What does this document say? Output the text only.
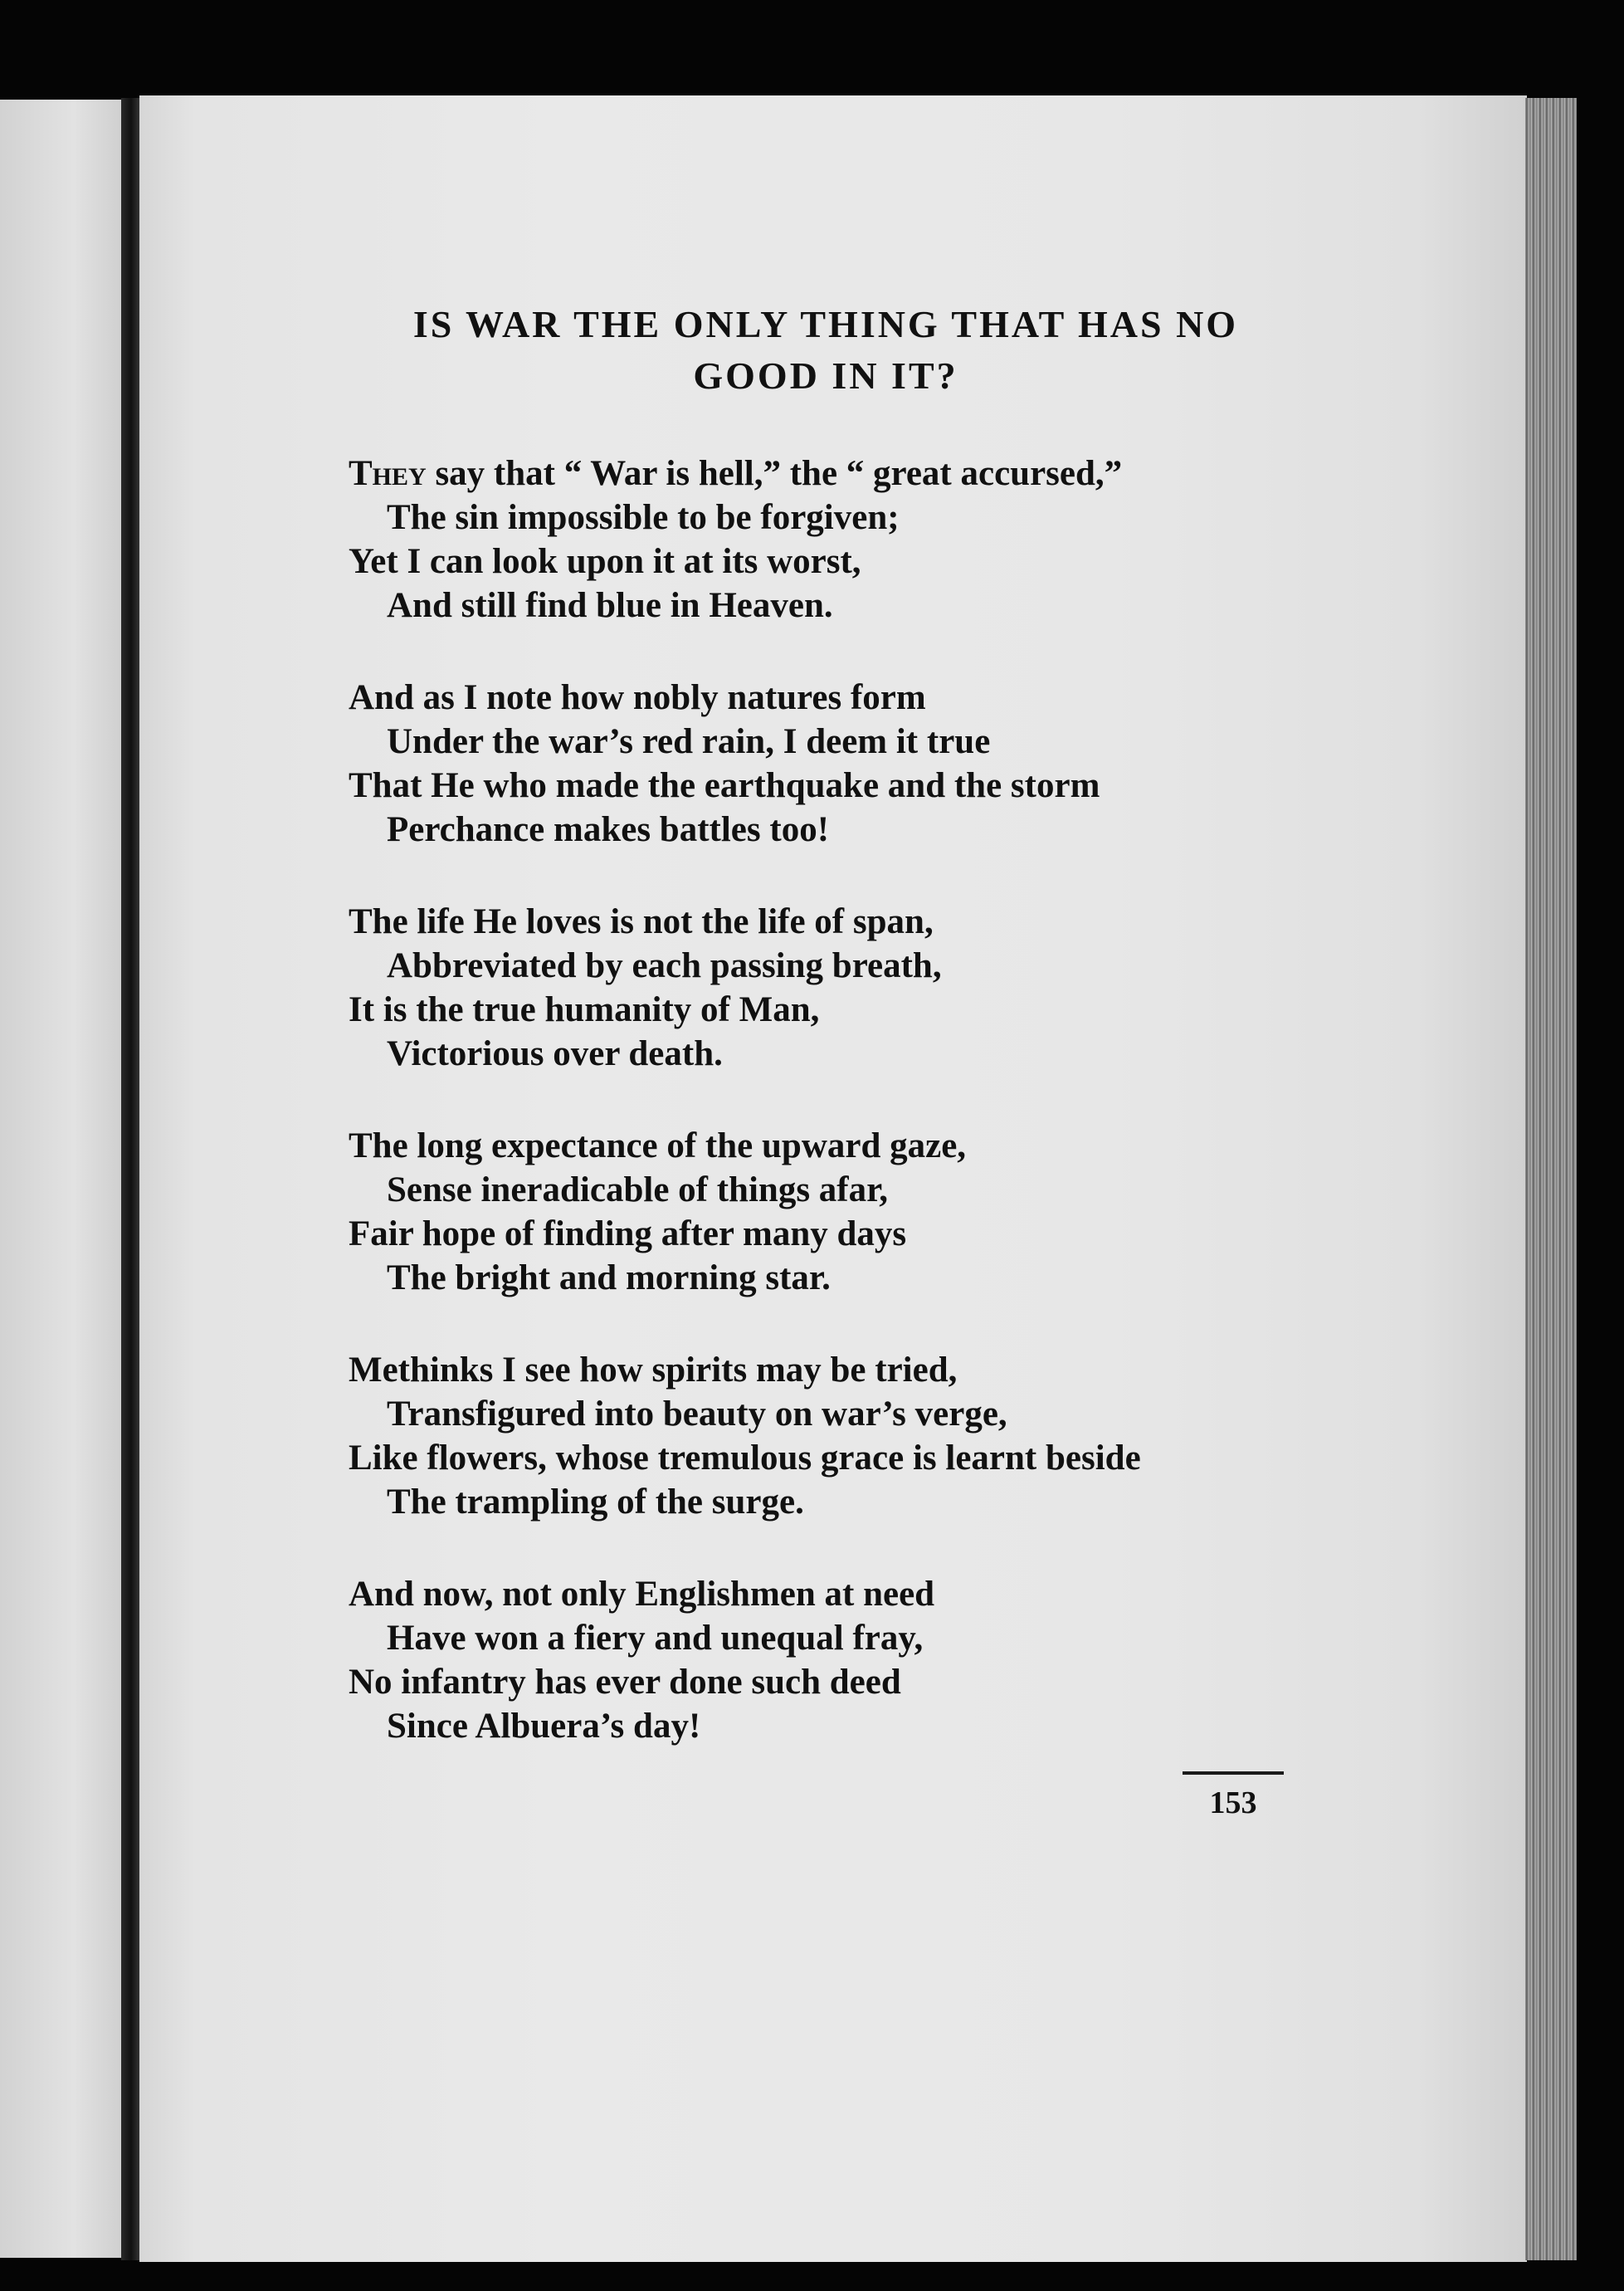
IS WAR THE ONLY THING THAT HAS NO
GOOD IN IT?
They say that “ War is hell,” the “ great accursed,”
The sin impossible to be forgiven;
Yet I can look upon it at its worst,
And still find blue in Heaven.
And as I note how nobly natures form
Under the war’s red rain, I deem it true
That He who made the earthquake and the storm
Perchance makes battles too!
The life He loves is not the life of span,
Abbreviated by each passing breath,
It is the true humanity of Man,
Victorious over death.
The long expectance of the upward gaze,
Sense ineradicable of things afar,
Fair hope of finding after many days
The bright and morning star.
Methinks I see how spirits may be tried,
Transfigured into beauty on war’s verge,
Like flowers, whose tremulous grace is learnt beside
The trampling of the surge.
And now, not only Englishmen at need
Have won a fiery and unequal fray,
No infantry has ever done such deed
Since Albuera’s day!
153
